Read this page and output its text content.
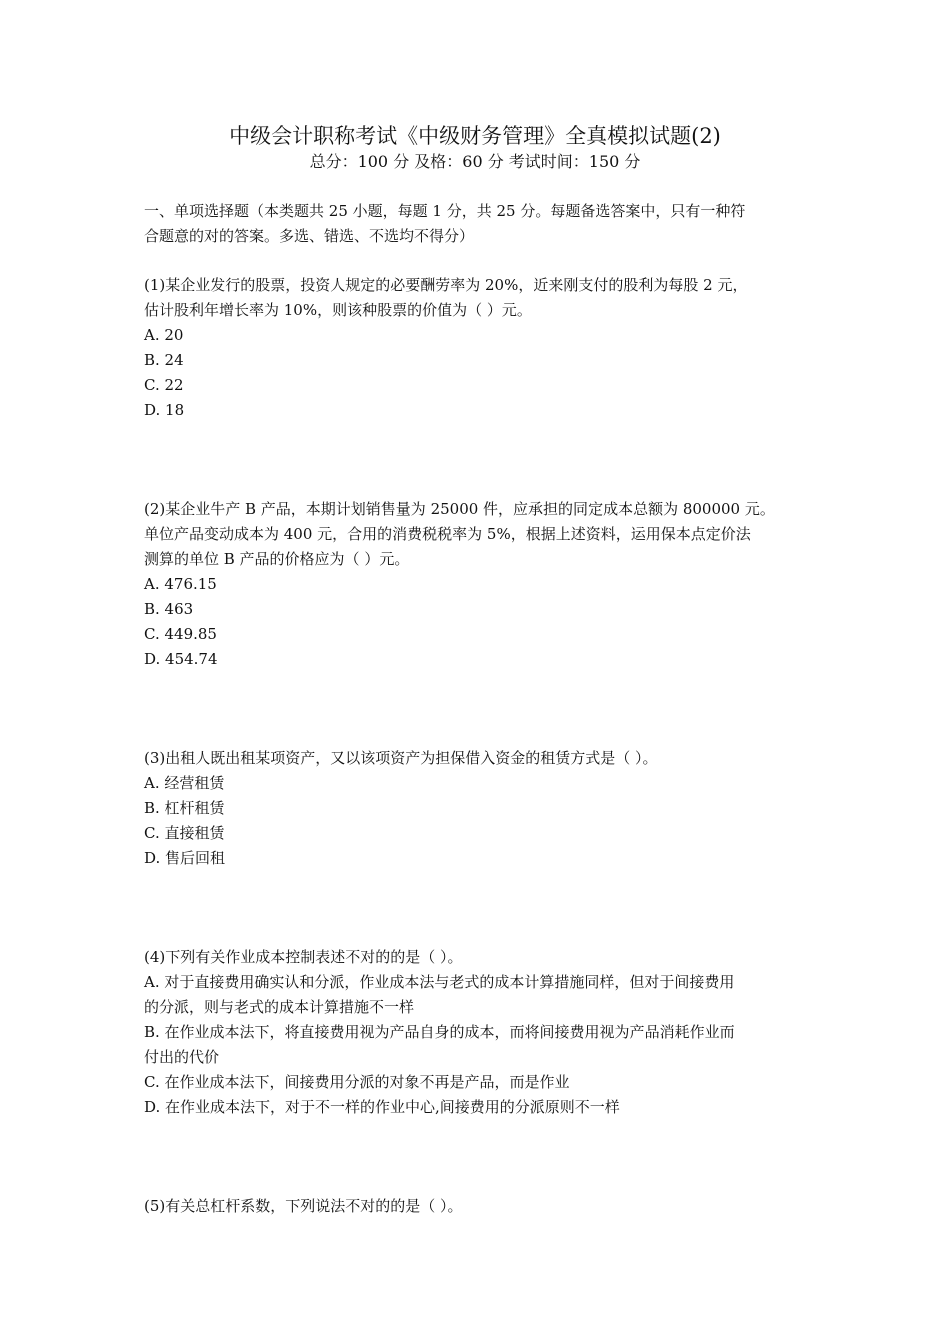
中级会计职称考试《中级财务管理》全真模拟试题(2)
总分：100 分 及格：60 分 考试时间：150 分
一、单项选择题（本类题共 25 小题，每题 1 分，共 25 分。每题备选答案中，只有一种符
合题意的对的答案。多选、错选、不选均不得分）
(1)某企业发行的股票，投资人规定的必要酬劳率为 20%，近来刚支付的股利为每股 2 元，
估计股利年增长率为 10%，则该种股票的价值为（ ）元。
A. 20
B. 24
C. 22
D. 18
(2)某企业牛产 B 产品，本期计划销售量为 25000 件，应承担的同定成本总额为 800000 元。
单位产品变动成本为 400 元，合用的消费税税率为 5%，根据上述资料，运用保本点定价法
测算的单位 B 产品的价格应为（ ）元。
A. 476.15
B. 463
C. 449.85
D. 454.74
(3)出租人既出租某项资产，又以该项资产为担保借入资金的租赁方式是（ ）。
A. 经营租赁
B. 杠杆租赁
C. 直接租赁
D. 售后回租
(4)下列有关作业成本控制表述不对的的是（ ）。
A. 对于直接费用确实认和分派，作业成本法与老式的成本计算措施同样，但对于间接费用
的分派，则与老式的成本计算措施不一样
B. 在作业成本法下，将直接费用视为产品自身的成本，而将间接费用视为产品消耗作业而
付出的代价
C. 在作业成本法下，间接费用分派的对象不再是产品，而是作业
D. 在作业成本法下，对于不一样的作业中心,间接费用的分派原则不一样
(5)有关总杠杆系数，下列说法不对的的是（ ）。
